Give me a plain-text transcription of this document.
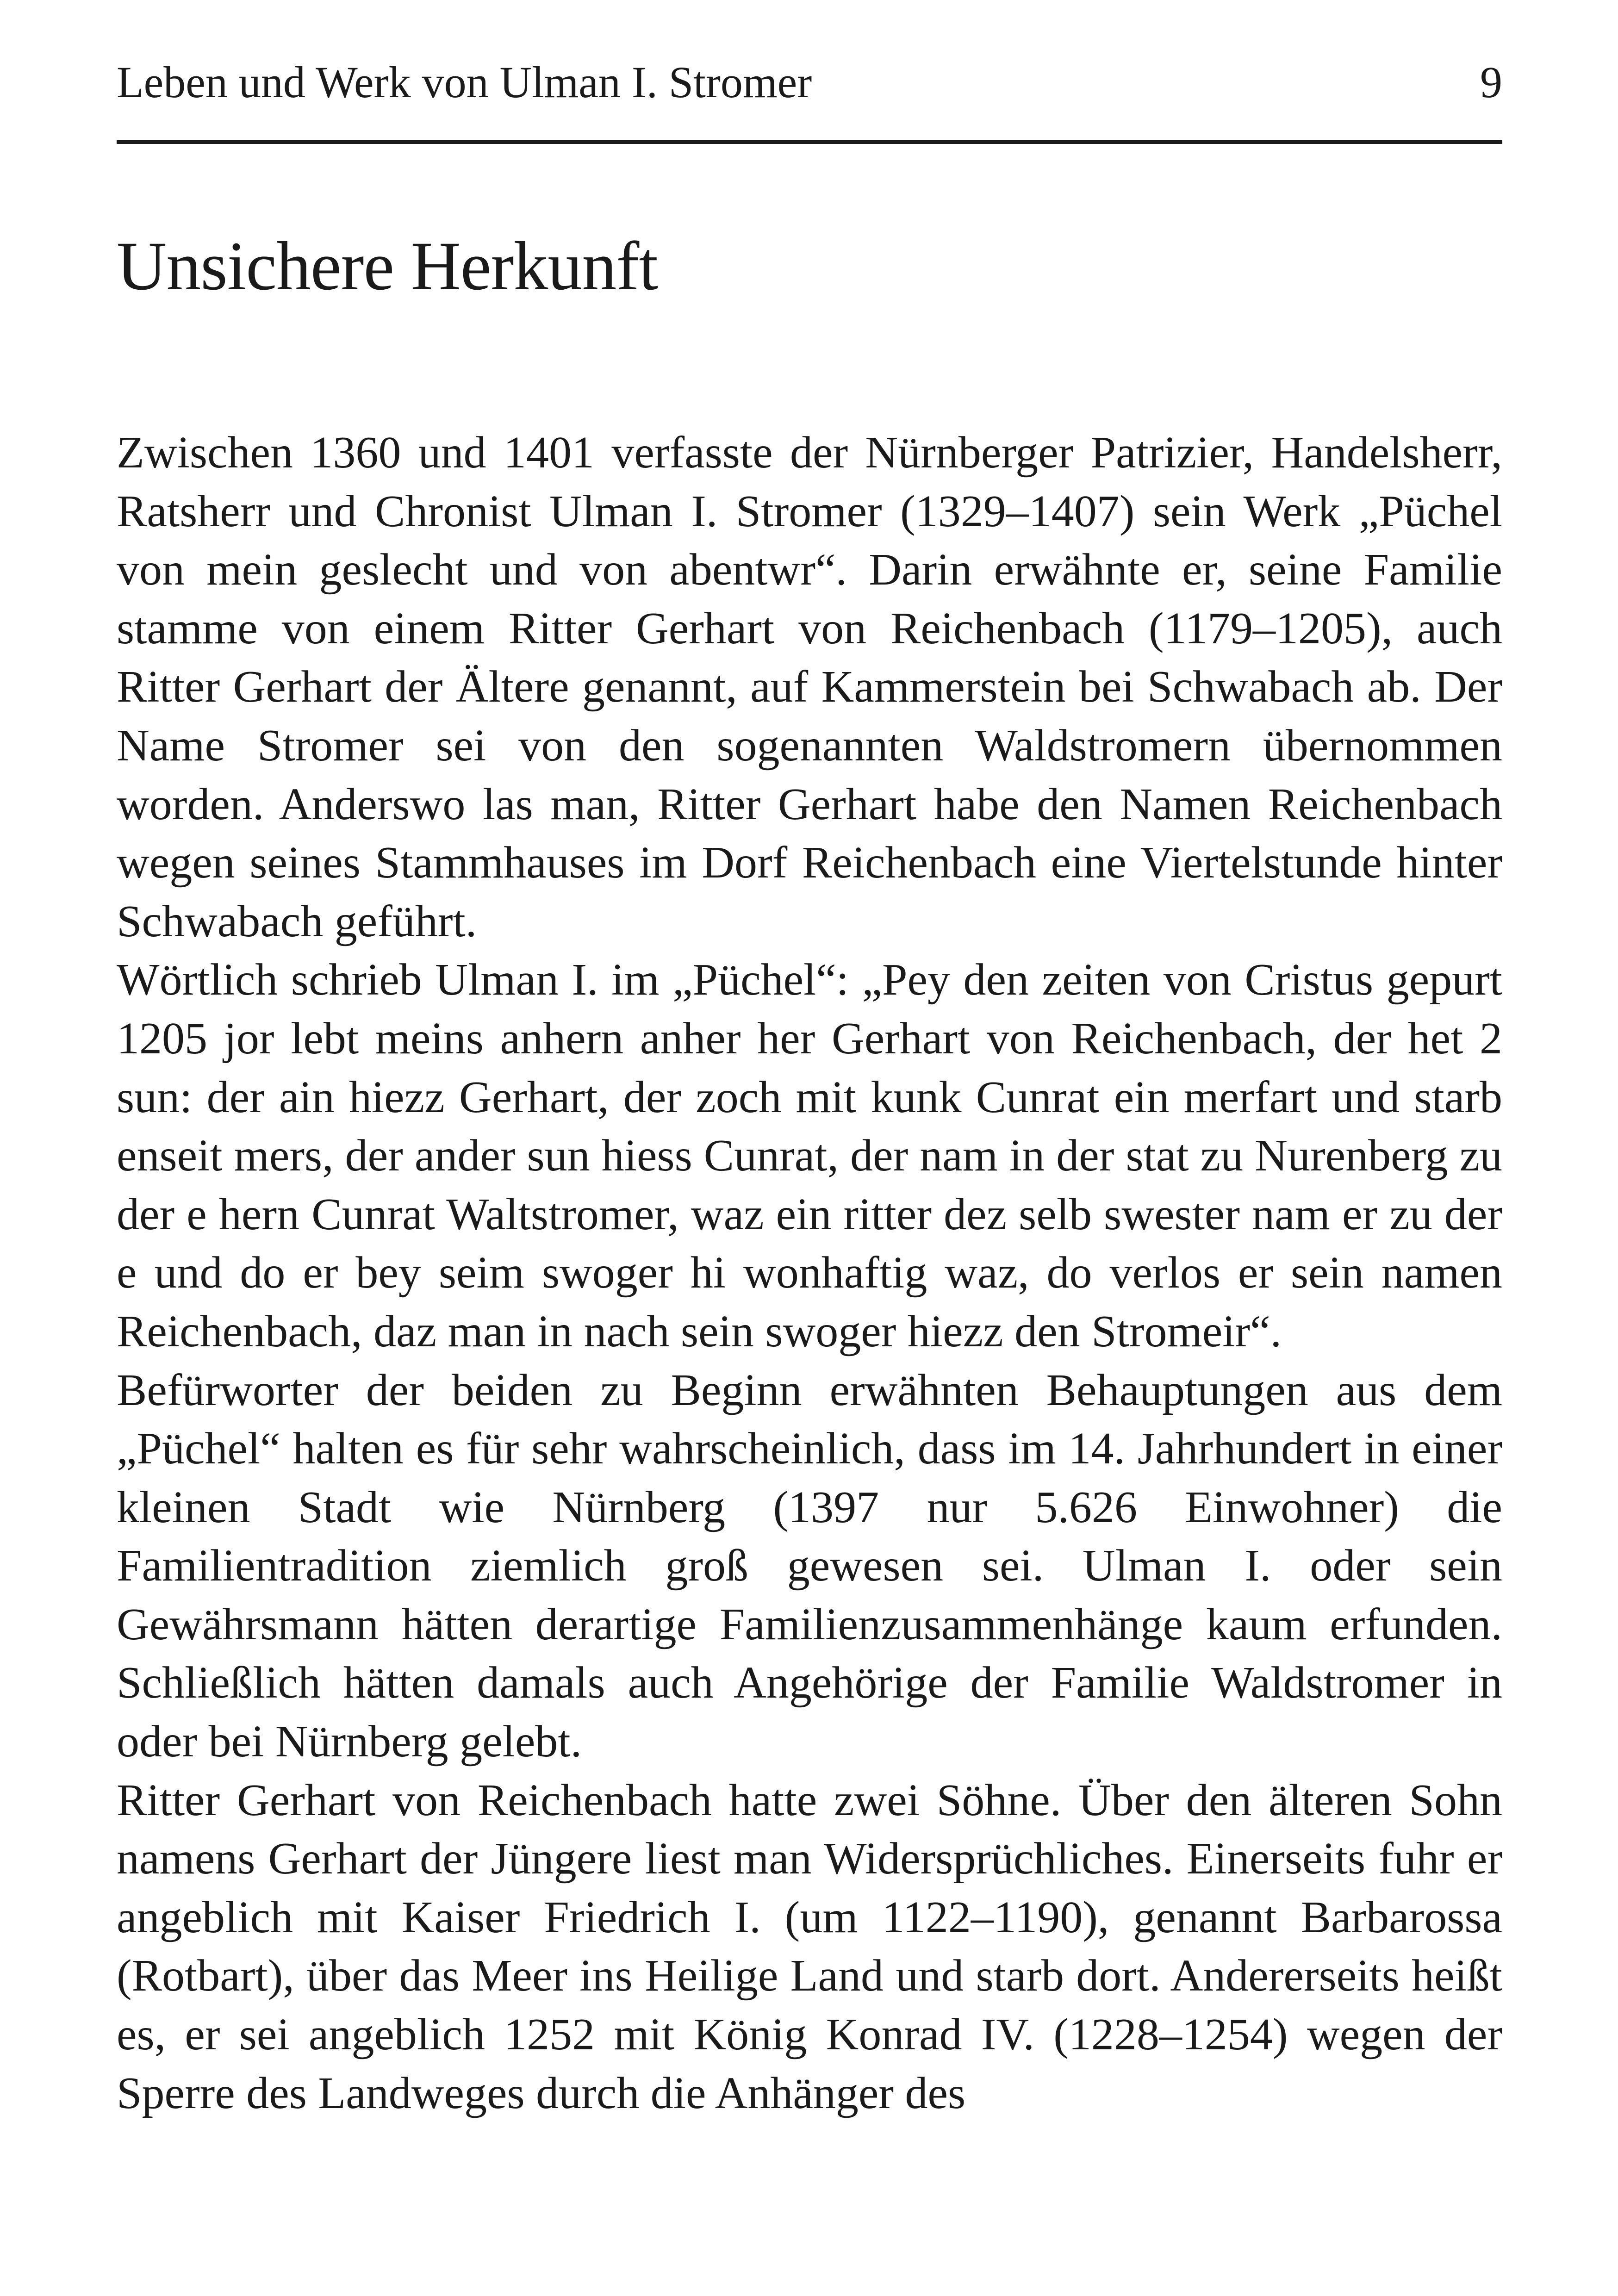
Leben und Werk von Ulman I. Stromer	9
Unsichere Herkunft

Zwischen 1360 und 1401 verfasste der Nürnberger Patrizier, Handelsherr, Ratsherr und Chronist Ulman I. Stromer (1329–1407) sein Werk „Püchel von mein geslecht und von abentwr“. Darin erwähnte er, seine Familie stamme von einem Ritter Gerhart von Reichenbach (1179–1205), auch Ritter Gerhart der Ältere genannt, auf Kammerstein bei Schwabach ab. Der Name Stromer sei von den sogenannten Waldstromern übernommen worden. Anderswo las man, Ritter Gerhart habe den Namen Reichenbach wegen seines Stammhauses im Dorf Reichenbach eine Viertelstunde hinter Schwabach geführt.

Wörtlich schrieb Ulman I. im „Püchel“: „Pey den zeiten von Cristus gepurt 1205 jor lebt meins anhern anher her Gerhart von Reichenbach, der het 2 sun: der ain hiezz Gerhart, der zoch mit kunk Cunrat ein merfart und starb enseit mers, der ander sun hiess Cunrat, der nam in der stat zu Nurenberg zu der e hern Cunrat Waltstromer, waz ein ritter dez selb swester nam er zu der e und do er bey seim swoger hi wonhaftig waz, do verlos er sein namen Reichenbach, daz man in nach sein swoger hiezz den Stromeir“.

Befürworter der beiden zu Beginn erwähnten Behauptungen aus dem „Püchel“ halten es für sehr wahrscheinlich, dass im 14. Jahrhundert in einer kleinen Stadt wie Nürnberg (1397 nur 5.626 Einwohner) die Familientradition ziemlich groß gewesen sei. Ulman I. oder sein Gewährsmann hätten derartige Familienzusammenhänge kaum erfunden. Schließlich hätten damals auch Angehörige der Familie Waldstromer in oder bei Nürnberg gelebt.

Ritter Gerhart von Reichenbach hatte zwei Söhne. Über den älteren Sohn namens Gerhart der Jüngere liest man Widersprüchliches. Einerseits fuhr er angeblich mit Kaiser Friedrich I. (um 1122–1190), genannt Barbarossa (Rotbart), über das Meer ins Heilige Land und starb dort. Andererseits heißt es, er sei angeblich 1252 mit König Konrad IV. (1228–1254) wegen der Sperre des Landweges durch die Anhänger des
